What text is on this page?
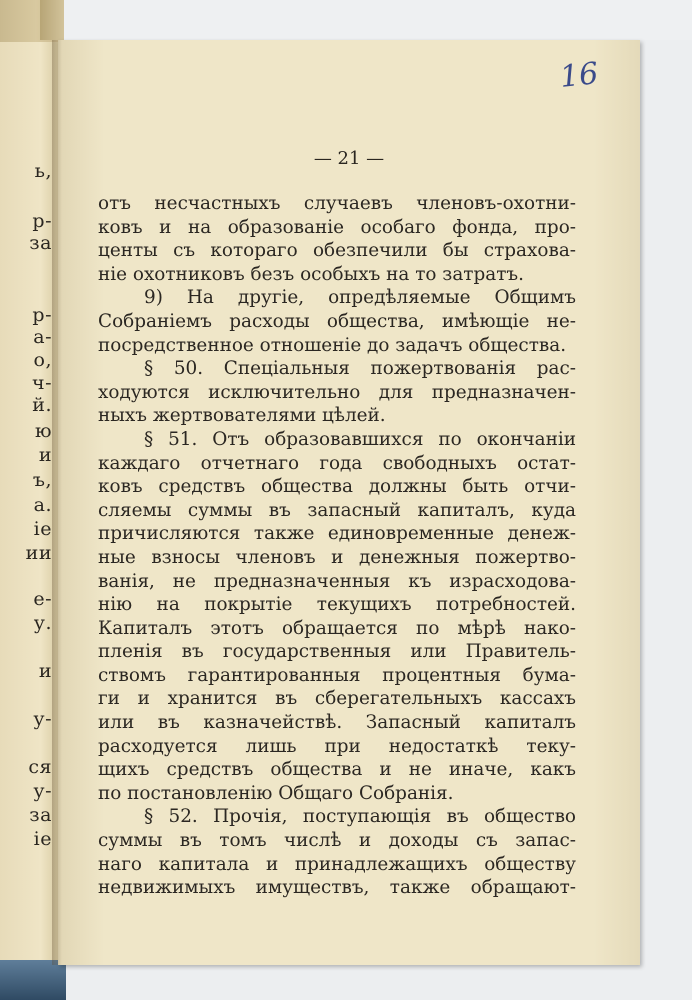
ь,
р-
за
р-
а-
о,
ч-
й.
ю
и
ъ,
а.
іе
ии
е-
у.
и
у-
ся
у-
за
іе
— 21 —
отъ несчастныхъ случаевъ членовъ-охотни-
ковъ и на образованіе особаго фонда, про-
центы съ котораго обезпечили бы страхова-
ніе охотниковъ безъ особыхъ на то затратъ.
9) На другіе, опредѣляемые Общимъ
Собраніемъ расходы общества, имѣющіе не-
посредственное отношеніе до задачъ общества.
§ 50. Спеціальныя пожертвованія рас-
ходуются исключительно для предназначен-
ныхъ жертвователями цѣлей.
§ 51. Отъ образовавшихся по окончаніи
каждаго отчетнаго года свободныхъ остат-
ковъ средствъ общества должны быть отчи-
сляемы суммы въ запасный капиталъ, куда
причисляются также единовременные денеж-
ные взносы членовъ и денежныя пожертво-
ванія, не предназначенныя къ израсходова-
нію на покрытіе текущихъ потребностей.
Капиталъ этотъ обращается по мѣрѣ нако-
пленія въ государственныя или Правитель-
ствомъ гарантированныя процентныя бума-
ги и хранится въ сберегательныхъ кассахъ
или въ казначействѣ. Запасный капиталъ
расходуется лишь при недостаткѣ теку-
щихъ средствъ общества и не иначе, какъ
по постановленію Общаго Собранія.
§ 52. Прочія, поступающія въ общество
суммы въ томъ числѣ и доходы съ запас-
наго капитала и принадлежащихъ обществу
недвижимыхъ имуществъ, также обращают-
16
